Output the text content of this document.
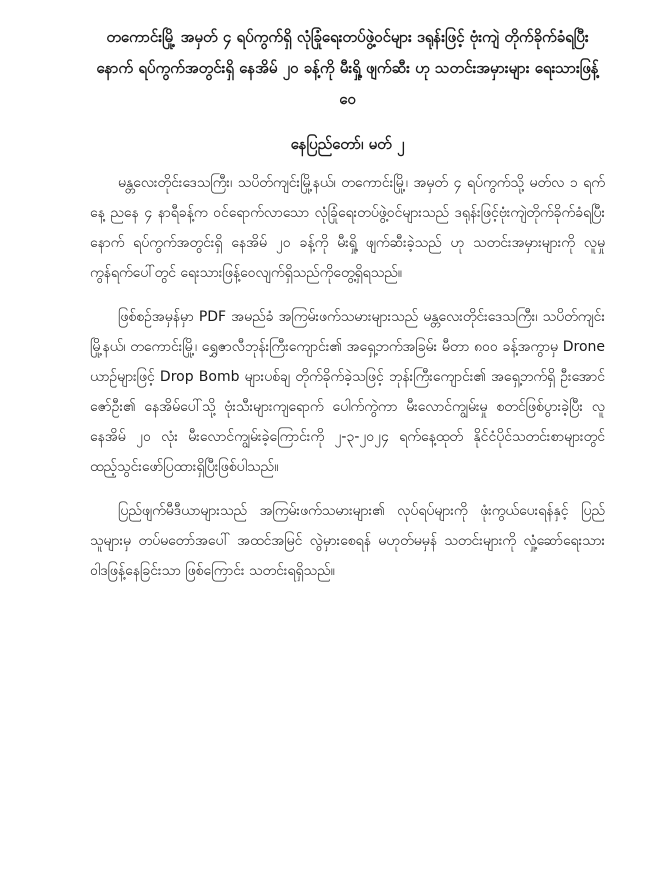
တကောင်းမြို့ အမှတ် ၄ ရပ်ကွက်ရှိ လုံခြုံရေးတပ်ဖွဲ့ဝင်များ ဒရုန်းဖြင့် ဗုံးကျဲ တိုက်ခိုက်ခံရပြီးနောက် ရပ်ကွက်အတွင်းရှိ နေအိမ် ၂၀ ခန့်ကို မီးရှို့ ဖျက်ဆီး ဟု သတင်းအမှားများ ရေးသားဖြန့်ဝေ

နေပြည်တော်၊ မတ် ၂

မန္တလေးတိုင်းဒေသကြီး၊ သပိတ်ကျင်းမြို့နယ်၊ တကောင်းမြို့၊ အမှတ် ၄ ရပ်ကွက်သို့ မတ်လ ၁ ရက်နေ့ ညနေ ၄ နာရီခန့်က ဝင်ရောက်လာသော လုံခြုံရေးတပ်ဖွဲ့ဝင်များသည် ဒရုန်းဖြင့်ဗုံးကျဲတိုက်ခိုက်ခံရပြီးနောက် ရပ်ကွက်အတွင်းရှိ နေအိမ် ၂၀ ခန့်ကို မီးရှို့ ဖျက်ဆီးခဲ့သည် ဟု သတင်းအမှားများကို လူမှုကွန်ရက်ပေါ်တွင် ရေးသားဖြန့်ဝေလျက်ရှိသည်ကိုတွေ့ရှိရသည်။

ဖြစ်စဉ်အမှန်မှာ PDF အမည်ခံ အကြမ်းဖက်သမားများသည် မန္တလေးတိုင်းဒေသကြီး၊ သပိတ်ကျင်းမြို့နယ်၊ တကောင်းမြို့၊ ရွှေဇာလီဘုန်းကြီးကျောင်း၏ အရှေ့ဘက်အခြမ်း မီတာ ၈၀၀ ခန့်အကွာမှ Drone ယာဉ်များဖြင့် Drop Bomb များပစ်ချ တိုက်ခိုက်ခဲ့သဖြင့် ဘုန်းကြီးကျောင်း၏ အရှေ့ဘက်ရှိ ဦးအောင်ဇော်ဦး၏ နေအိမ်ပေါ်သို့ ဗုံးသီးများကျရောက် ပေါက်ကွဲကာ မီးလောင်ကျွမ်းမှု စတင်ဖြစ်ပွားခဲ့ပြီး လူနေအိမ် ၂၀ လုံး မီးလောင်ကျွမ်းခဲ့ကြောင်းကို ၂-၃-၂၀၂၄ ရက်နေ့ထုတ် နိုင်ငံပိုင်သတင်းစာများတွင် ထည့်သွင်းဖော်ပြထားရှိပြီးဖြစ်ပါသည်။

ပြည်ဖျက်မီဒီယာများသည် အကြမ်းဖက်သမားများ၏ လုပ်ရပ်များကို ဖုံးကွယ်ပေးရန်နှင့် ပြည်သူများမှ တပ်မတော်အပေါ် အထင်အမြင် လွဲမှားစေရန် မဟုတ်မမှန် သတင်းများကို လှုံ့ဆော်ရေးသား ဝါဒဖြန့်နေခြင်းသာ ဖြစ်ကြောင်း သတင်းရရှိသည်။
